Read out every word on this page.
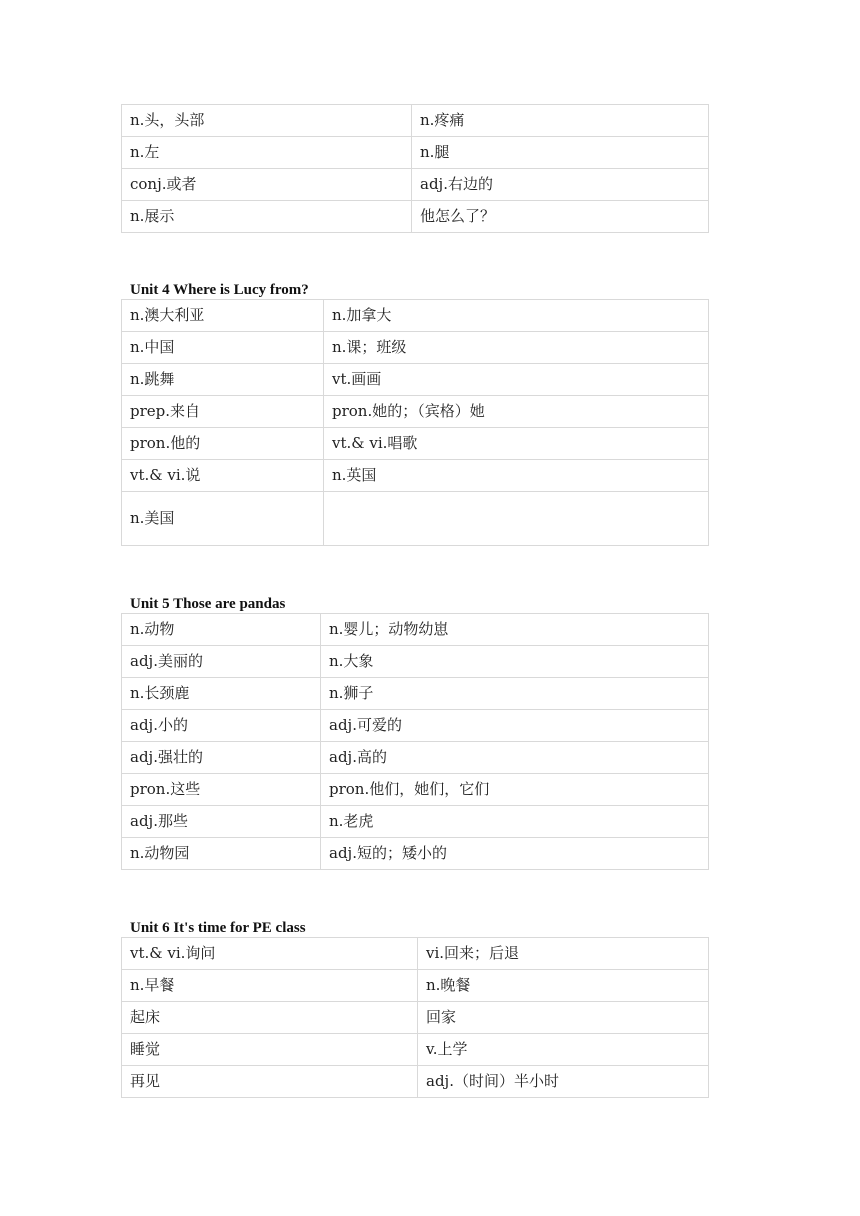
n.头，头部	n.疼痛
n.左	n.腿
conj.或者	adj.右边的
n.展示	他怎么了？
Unit 4 Where is Lucy from?
n.澳大利亚	n.加拿大
n.中国	n.课；班级
n.跳舞	vt.画画
prep.来自	pron.她的；（宾格）她
pron.他的	vt.& vi.唱歌
vt.& vi.说	n.英国
n.美国	
Unit 5 Those are pandas
n.动物	n.婴儿；动物幼崽
adj.美丽的	n.大象
n.长颈鹿	n.狮子
adj.小的	adj.可爱的
adj.强壮的	adj.高的
pron.这些	pron.他们，她们，它们
adj.那些	n.老虎
n.动物园	adj.短的；矮小的
Unit 6 It's time for PE class
vt.& vi.询问	vi.回来；后退
n.早餐	n.晚餐
起床	回家
睡觉	v.上学
再见	adj.（时间）半小时
